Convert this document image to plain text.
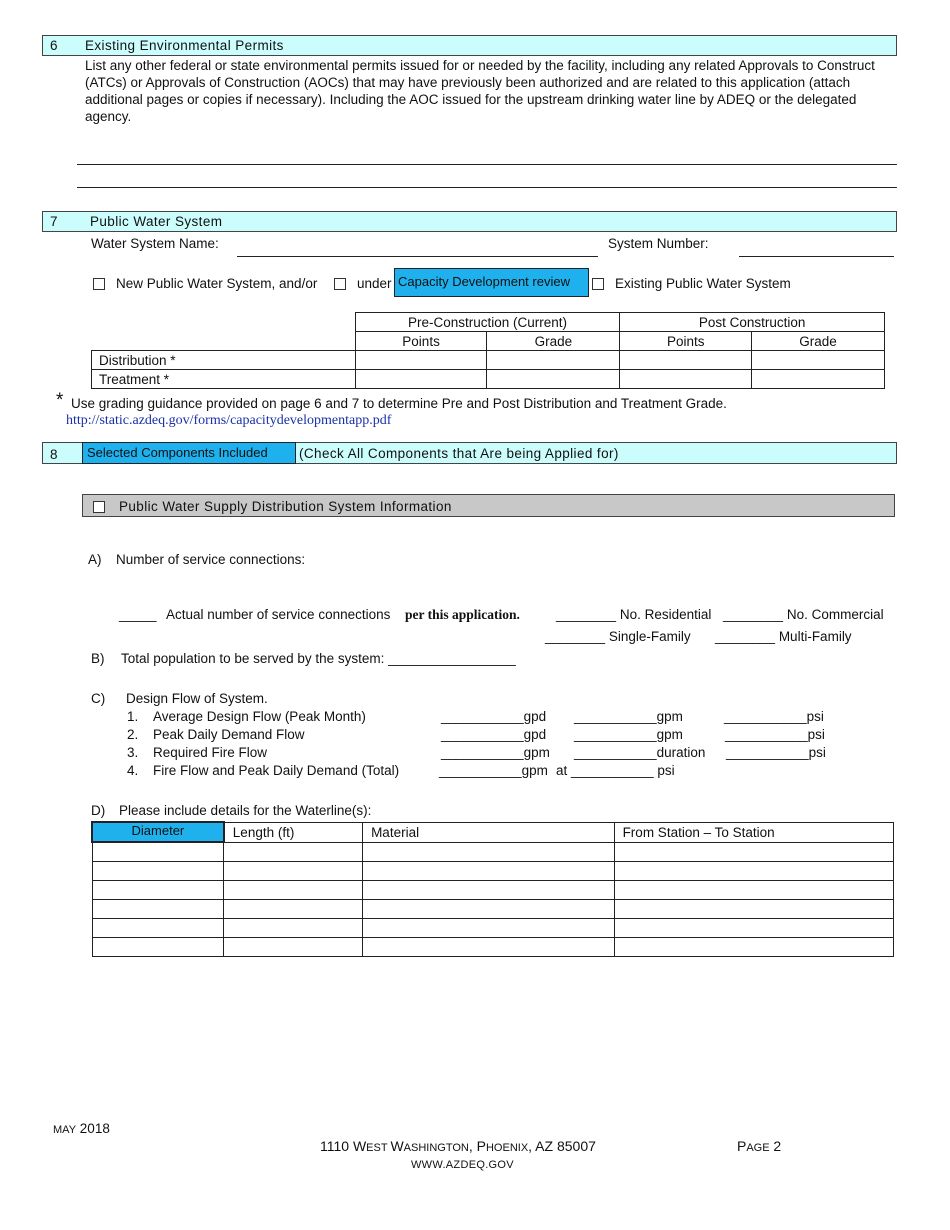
6 Existing Environmental Permits
List any other federal or state environmental permits issued for or needed by the facility, including any related Approvals to Construct (ATCs) or Approvals of Construction (AOCs) that may have previously been authorized and are related to this application (attach additional pages or copies if necessary). Including the AOC issued for the upstream drinking water line by ADEQ or the delegated agency.
7 Public Water System
Water System Name:	System Number:
New Public Water System, and/or	under Capacity Development review	Existing Public Water System
	Pre-Construction (Current)		Post Construction	
	Points	Grade	Points	Grade
Distribution *				
Treatment *				
* Use grading guidance provided on page 6 and 7 to determine Pre and Post Distribution and Treatment Grade.
http://static.azdeq.gov/forms/capacitydevelopmentapp.pdf
8	Selected Components Included	(Check All Components that Are being Applied for)
Public Water Supply Distribution System Information
A) Number of service connections:
_____ Actual number of service connections per this application.	________ No. Residential ________ No. Commercial
________ Single-Family ________ Multi-Family
B) Total population to be served by the system: _________________
C) Design Flow of System.
1. Average Design Flow (Peak Month)	___________gpd ___________gpm	___________psi
2. Peak Daily Demand Flow	___________gpd ___________gpm	___________psi
3. Required Fire Flow	___________gpm ___________duration ___________psi
4. Fire Flow and Peak Daily Demand (Total)	___________gpm at ___________ psi
D) Please include details for the Waterline(s):
Diameter	Length (ft)	Material	From Station – To Station

MAY 2018
1110 WEST WASHINGTON, PHOENIX, AZ 85007	PAGE 2
WWW.AZDEQ.GOV
